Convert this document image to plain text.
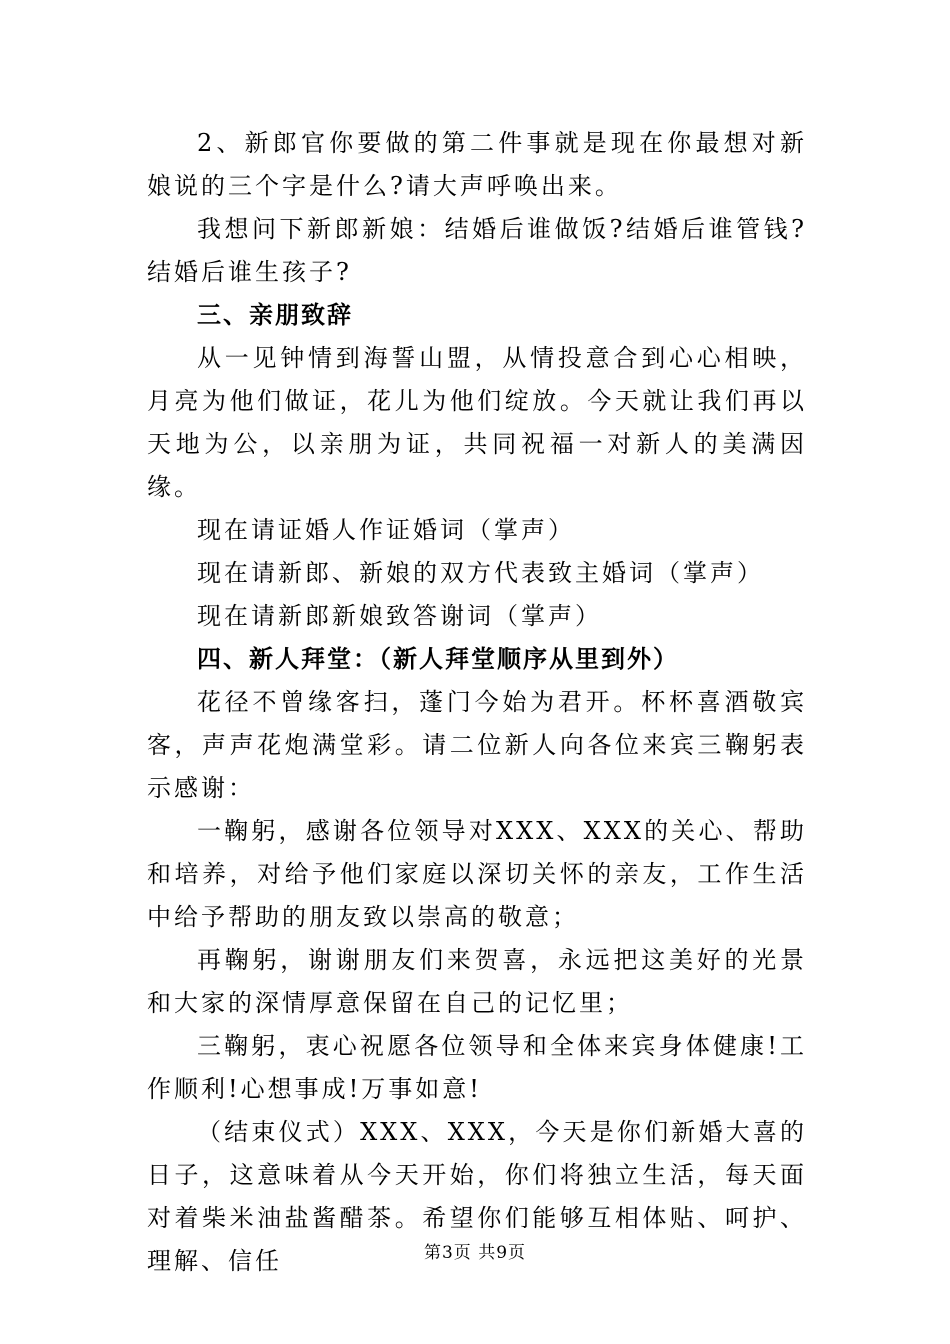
2、新郎官你要做的第二件事就是现在你最想对新娘说的三个字是什么?请大声呼唤出来。

我想问下新郎新娘：结婚后谁做饭?结婚后谁管钱?结婚后谁生孩子?

三、亲朋致辞

从一见钟情到海誓山盟，从情投意合到心心相映，月亮为他们做证，花儿为他们绽放。今天就让我们再以天地为公，以亲朋为证，共同祝福一对新人的美满因缘。

现在请证婚人作证婚词（掌声）

现在请新郎、新娘的双方代表致主婚词（掌声）

现在请新郎新娘致答谢词（掌声）

四、新人拜堂：（新人拜堂顺序从里到外）

花径不曾缘客扫，蓬门今始为君开。杯杯喜酒敬宾客，声声花炮满堂彩。请二位新人向各位来宾三鞠躬表示感谢：

一鞠躬，感谢各位领导对XXX、XXX的关心、帮助和培养，对给予他们家庭以深切关怀的亲友，工作生活中给予帮助的朋友致以崇高的敬意；

再鞠躬，谢谢朋友们来贺喜，永远把这美好的光景和大家的深情厚意保留在自己的记忆里；

三鞠躬，衷心祝愿各位领导和全体来宾身体健康!工作顺利!心想事成!万事如意!

（结束仪式）XXX、XXX，今天是你们新婚大喜的日子，这意味着从今天开始，你们将独立生活，每天面对着柴米油盐酱醋茶。希望你们能够互相体贴、呵护、理解、信任	第3页 共9页
